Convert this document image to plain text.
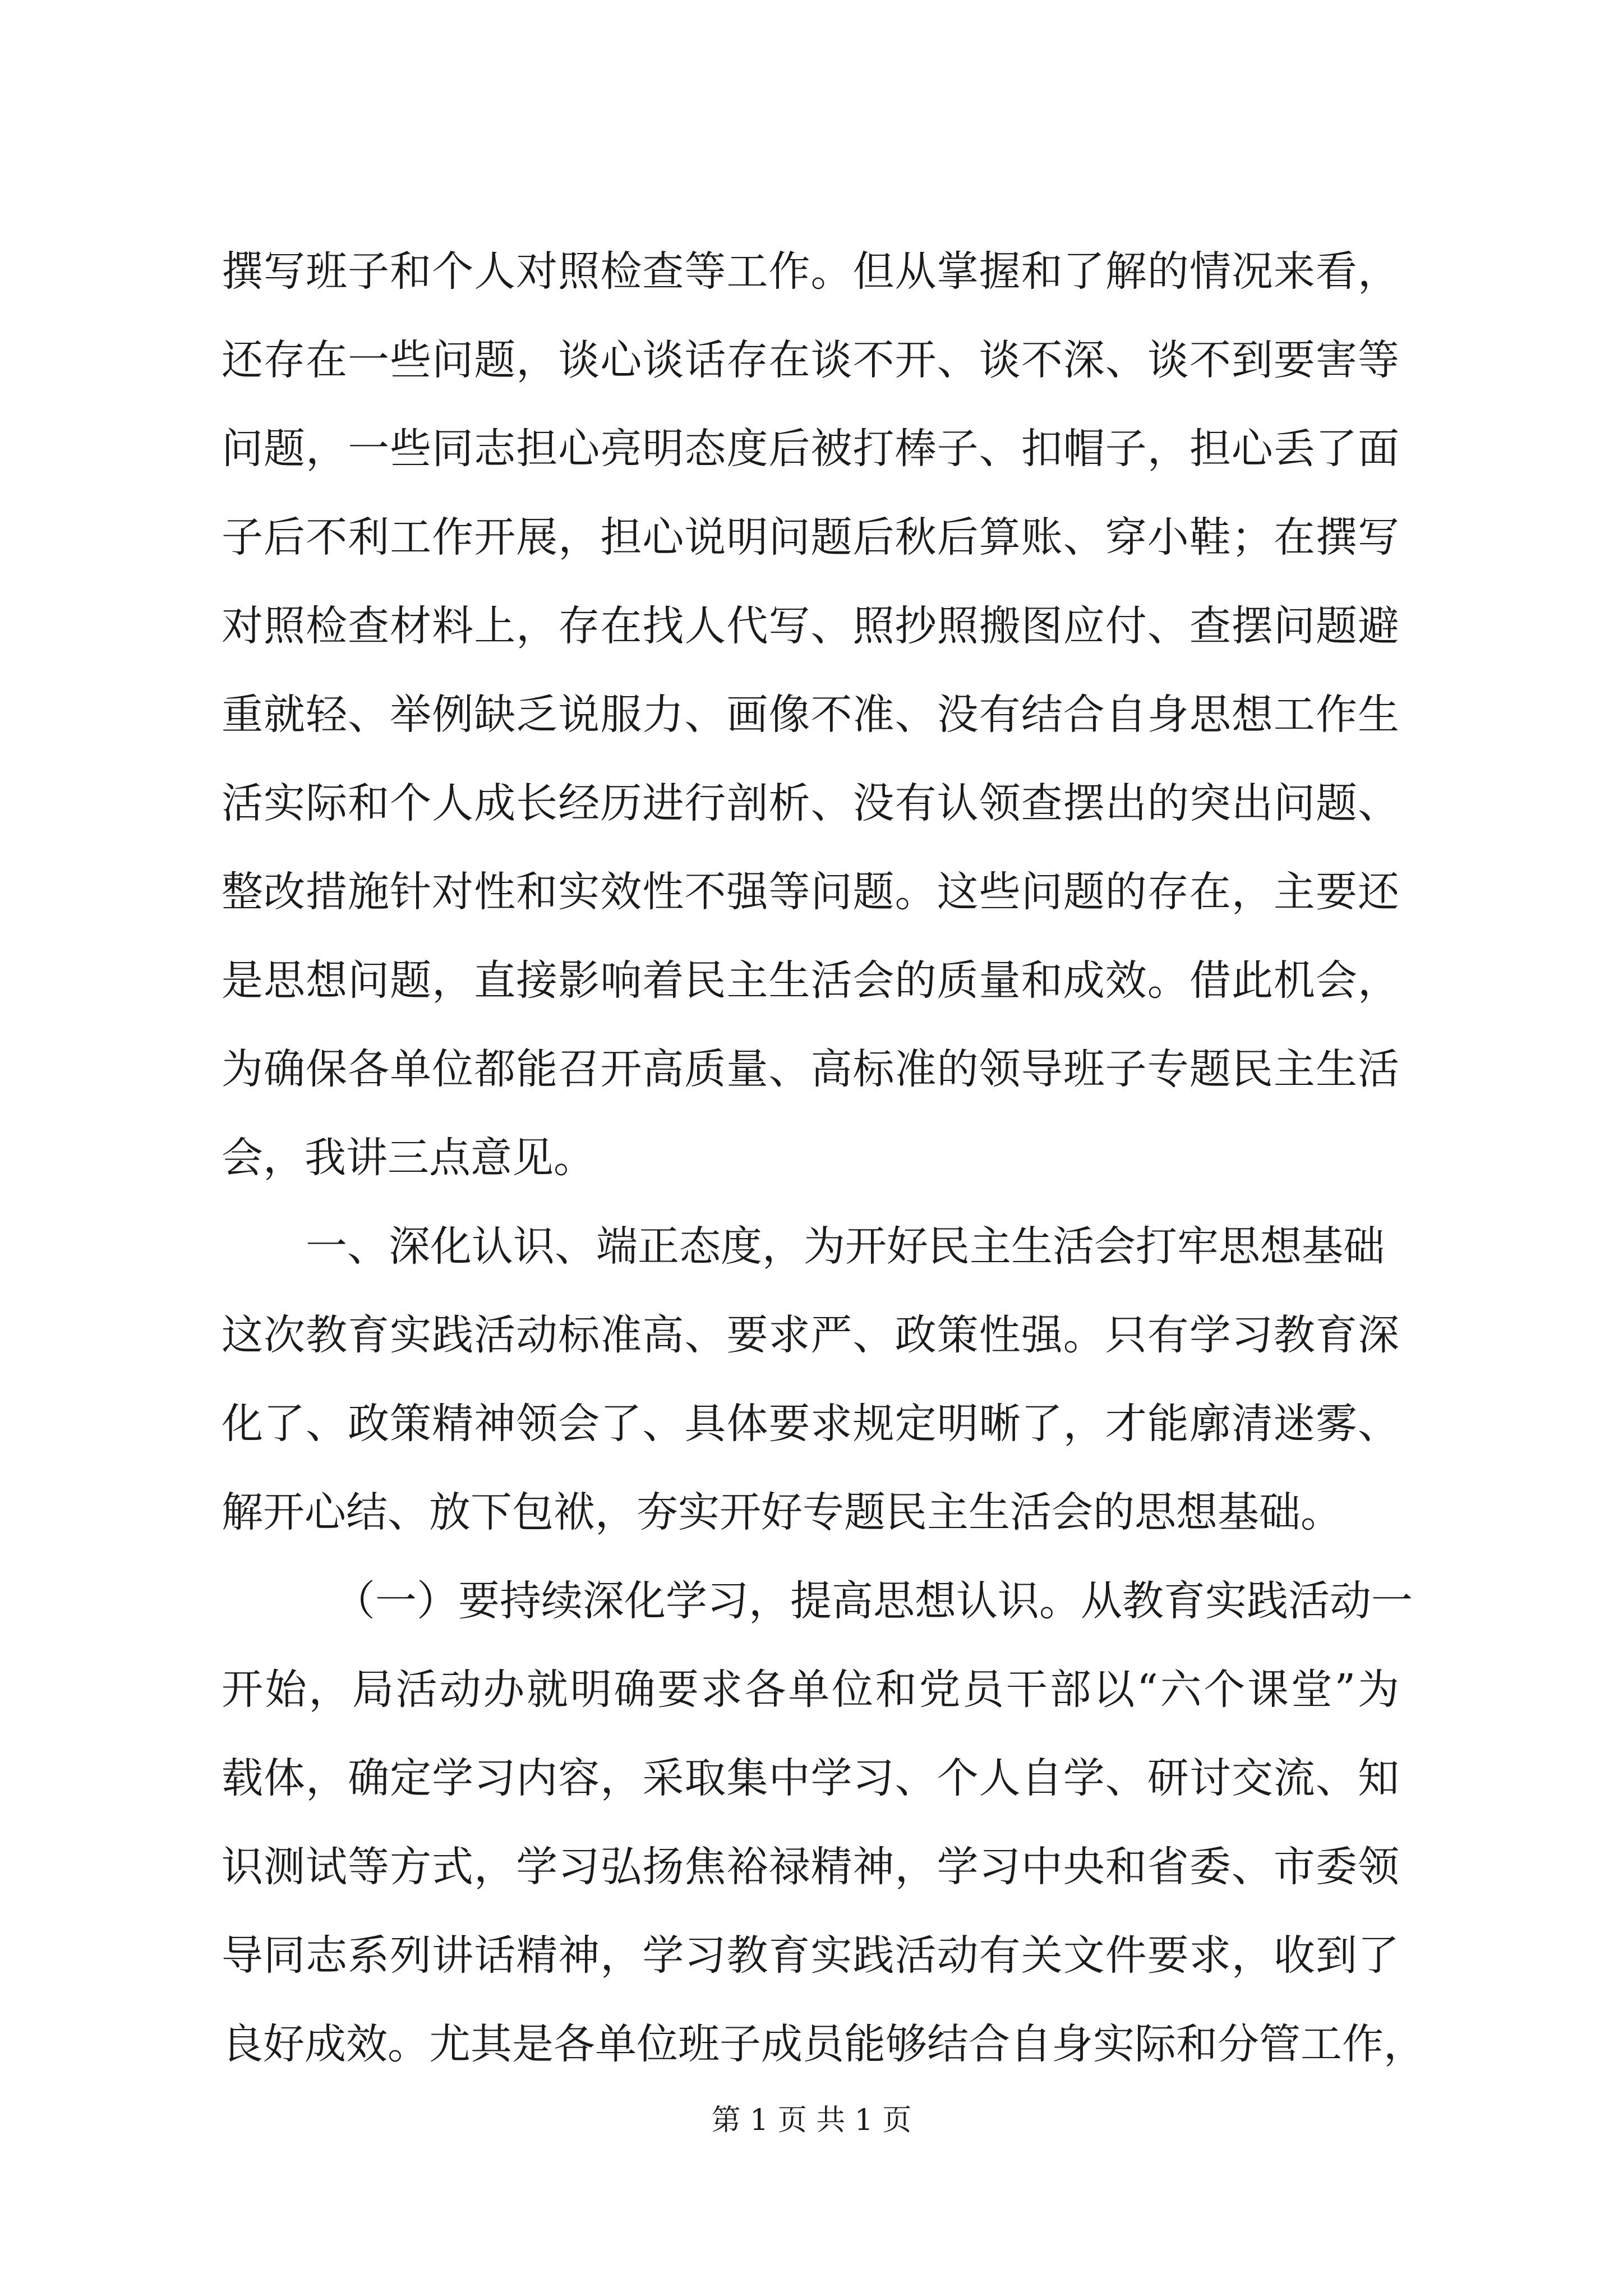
撰写班子和个人对照检查等工作。但从掌握和了解的情况来看，
还存在一些问题，谈心谈话存在谈不开、谈不深、谈不到要害等
问题，一些同志担心亮明态度后被打棒子、扣帽子，担心丢了面
子后不利工作开展，担心说明问题后秋后算账、穿小鞋；在撰写
对照检查材料上，存在找人代写、照抄照搬图应付、查摆问题避
重就轻、举例缺乏说服力、画像不准、没有结合自身思想工作生
活实际和个人成长经历进行剖析、没有认领查摆出的突出问题、
整改措施针对性和实效性不强等问题。这些问题的存在，主要还
是思想问题，直接影响着民主生活会的质量和成效。借此机会，
为确保各单位都能召开高质量、高标准的领导班子专题民主生活
会，我讲三点意见。
一、深化认识、端正态度，为开好民主生活会打牢思想基础
这次教育实践活动标准高、要求严、政策性强。只有学习教育深
化了、政策精神领会了、具体要求规定明晰了，才能廓清迷雾、
解开心结、放下包袱，夯实开好专题民主生活会的思想基础。
（一）要持续深化学习，提高思想认识。从教育实践活动一
开始，局活动办就明确要求各单位和党员干部以“六个课堂”为
载体，确定学习内容，采取集中学习、个人自学、研讨交流、知
识测试等方式，学习弘扬焦裕禄精神，学习中央和省委、市委领
导同志系列讲话精神，学习教育实践活动有关文件要求，收到了
良好成效。尤其是各单位班子成员能够结合自身实际和分管工作，
第 1 页 共 1 页
